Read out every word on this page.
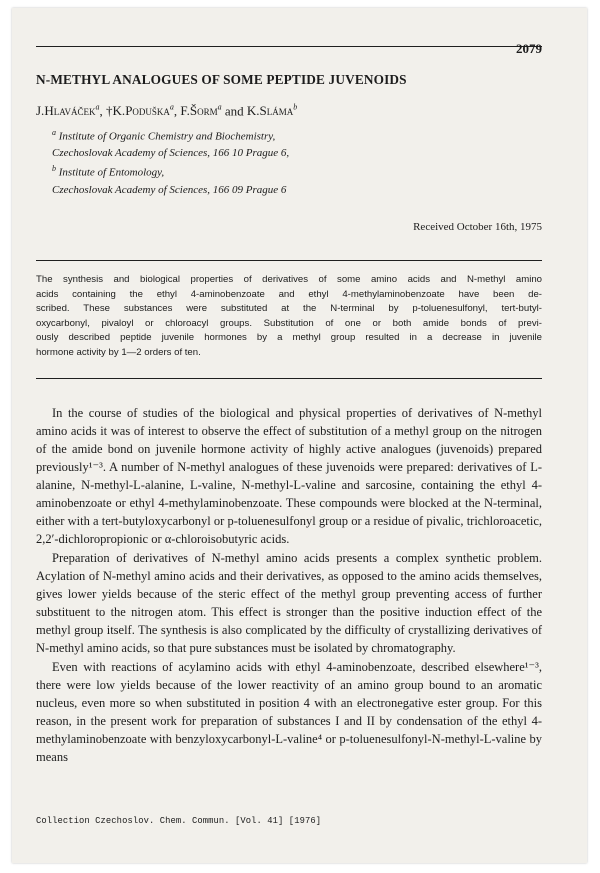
2079
N-METHYL ANALOGUES OF SOME PEPTIDE JUVENOIDS
J.Hlaváček$^a$, †K.Poduška$^a$, F.Šorm$^a$ and K.Sláma$^b$
$^a$ Institute of Organic Chemistry and Biochemistry,
Czechoslovak Academy of Sciences, 166 10 Prague 6,
$^b$ Institute of Entomology,
Czechoslovak Academy of Sciences, 166 09 Prague 6
Received October 16th, 1975
The synthesis and biological properties of derivatives of some amino acids and N-methyl amino
acids containing the ethyl 4-aminobenzoate and ethyl 4-methylaminobenzoate have been de-
scribed. These substances were substituted at the N-terminal by p-toluenesulfonyl, tert-butyl-
oxycarbonyl, pivaloyl or chloroacyl groups. Substitution of one or both amide bonds of previ-
ously described peptide juvenile hormones by a methyl group resulted in a decrease in juvenile
hormone activity by 1—2 orders of ten.

In the course of studies of the biological and physical properties of derivatives of N-methyl amino acids it was of interest to observe the effect of substitution of a methyl group on the nitrogen of the amide bond on juvenile hormone activity of highly active analogues (juvenoids) prepared previously¹⁻³. A number of N-methyl analogues of these juvenoids were prepared: derivatives of L-alanine, N-methyl-L-alanine, L-valine, N-methyl-L-valine and sarcosine, containing the ethyl 4-aminobenzoate or ethyl 4-methylaminobenzoate. These compounds were blocked at the N-terminal, either with a tert-butyloxycarbonyl or p-toluenesulfonyl group or a residue of pivalic, trichloroacetic, 2,2′-dichloropropionic or α-chloroisobutyric acids.

Preparation of derivatives of N-methyl amino acids presents a complex synthetic problem. Acylation of N-methyl amino acids and their derivatives, as opposed to the amino acids themselves, gives lower yields because of the steric effect of the methyl group preventing access of further substituent to the nitrogen atom. This effect is stronger than the positive induction effect of the methyl group itself. The synthesis is also complicated by the difficulty of crystallizing derivatives of N-methyl amino acids, so that pure substances must be isolated by chromatography.

Even with reactions of acylamino acids with ethyl 4-aminobenzoate, described elsewhere¹⁻³, there were low yields because of the lower reactivity of an amino group bound to an aromatic nucleus, even more so when substituted in position 4 with an electronegative ester group. For this reason, in the present work for preparation of substances I and II by condensation of the ethyl 4-methylaminobenzoate with benzyloxycarbonyl-L-valine⁴ or p-toluenesulfonyl-N-methyl-L-valine by means

Collection Czechoslov. Chem. Commun. [Vol. 41] [1976]
